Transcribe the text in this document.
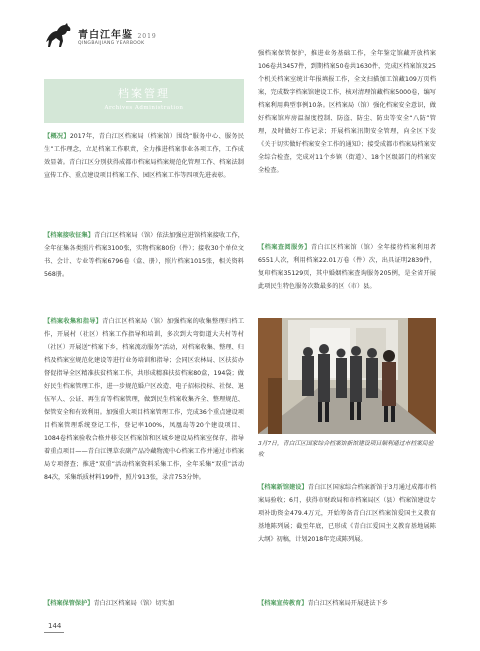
青白江年鉴 2019
QINGBAIJIANG YEARBOOK
档案管理
Archives Administration

【概况】2017年，青白江区档案局（档案馆）围绕“服务中心、服务民生”工作理念，立足档案工作职责，全力推进档案事业各项工作，工作成效显著。青白江区分别获得成都市档案局档案规范化管理工作、档案法制宣传工作、重点建设项目档案工作、园区档案工作等四项先进表彰。

【档案接收征集】青白江区档案局（馆）依法加强应进馆档案接收工作，全年征集各类照片档案3100张，实物档案80份（件）；接收30个单位文书、会计、专业等档案6796卷（盒、册），照片档案1015张，相关资料568册。

【档案收集和指导】青白江区档案局（馆）加强档案的收集整理归档工作，开展村（社区）档案工作指导和培训，多次到大弯街道大夫村等村（社区）开展送“档案下乡，档案流动服务”活动，对档案收集、整理、归档及档案室规范化建设等进行业务培训和指导；会同区农林局、区扶贫办督促指导全区精准扶贫档案工作，共形成精准扶贫档案80盒，194袋；做好民生档案管理工作，进一步规范婚户区改造、电子招标投标、社保、退伍军人、公证、再生育等档案管理，做到民生档案收集齐全、整理规范、保管安全和有效利用。加强重大项目档案管理工作，完成36个重点建设项目档案管理系统登记工作，登记率100%，凤凰岛等20个建设项目、1084卷档案验收合格并移交区档案馆和区城乡建设局档案室保存，指导着重点项目——青白江锂草农副产品冷藏物流中心档案工作并通过市档案局专项督查；推进“双重”活动档案资料采集工作，全年采集“双重”活动84次，采集纸质材料199件，照片913张，录音753分钟。

【档案保管保护】青白江区档案局（馆）切实加

强档案保管保护，推进业务基础工作，全年鉴定馆藏开放档案106卷共3457件，到期档案50卷共1630件，完成区档案馆及25个机关档案室统计年报填报工作，全文扫描加工馆藏109万页档案，完成数字档案馆建设工作，核对清理馆藏档案5000卷，编写档案利用典型事例10条。区档案局（馆）强化档案安全意识，做好档案馆库房温湿度控制、防盗、防尘、防虫等安全“八防”管理，及时做好工作记录；开展档案汛期安全管理，向全区下发《关于切实做好档案安全工作的通知》；接受成都市档案局档案安全综合检查，完成对11个乡镇（街道）、18个区级部门的档案安全检查。

【档案查阅服务】青白江区档案馆（馆）全年接待档案利用者6551人次，利用档案22.01万卷（件）次，出具证明2839件，复印档案35129页，其中婚姻档案查询服务205例，是全省开展此项民生特色服务次数最多的区（市）县。

3月7日，青白江区国家综合档案馆新馆建设项目顺利通过市档案局验收

【档案新馆建设】青白江区国家综合档案新馆于3月通过成都市档案局验收；6月，获得市财政局和市档案局区（县）档案馆建设专项补助资金479.4万元，开始筹备青白江区档案馆爱国主义教育基地陈列展；截至年底，已形成《青白江爱国主义教育基地展陈大纲》初稿，计划2018年完成陈列展。

【档案宣传教育】青白江区档案局开展进法下乡

144
